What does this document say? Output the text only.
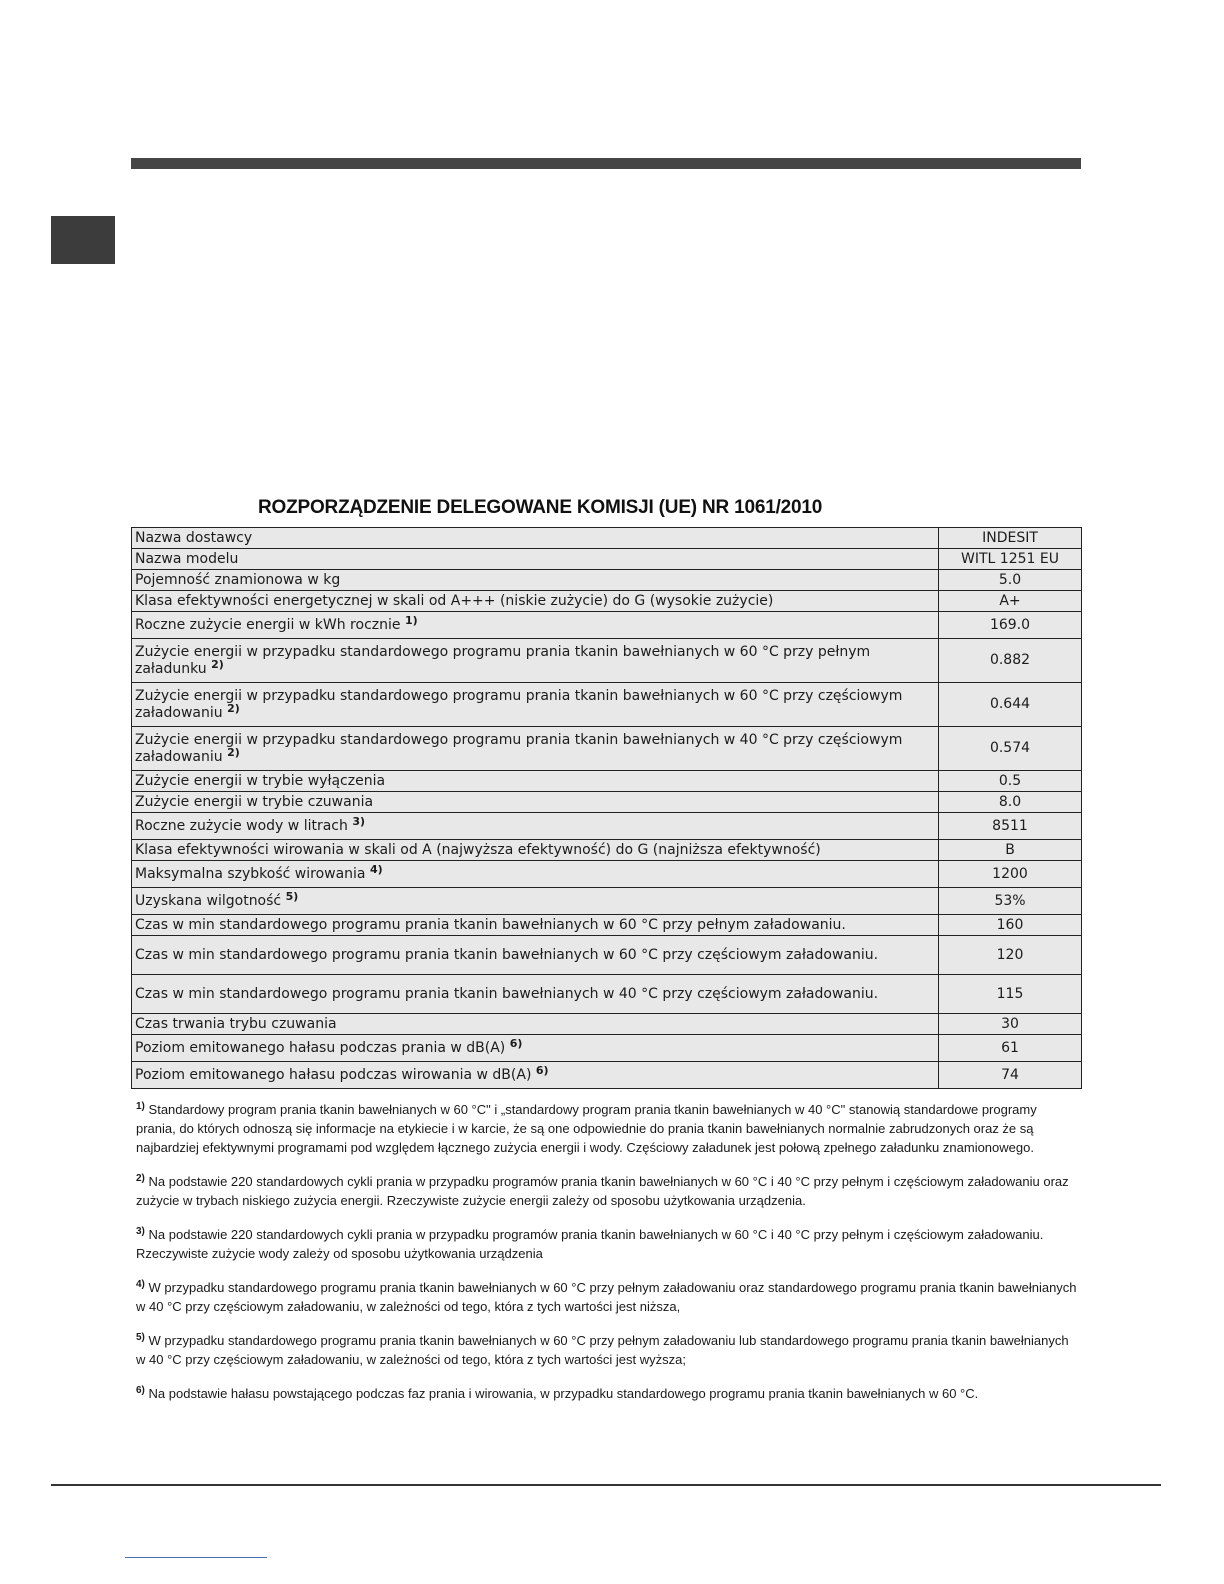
ROZPORZĄDZENIE DELEGOWANE KOMISJI (UE) NR 1061/2010
Nazwa dostawcy	INDESIT
Nazwa modelu	WITL 1251 EU
Pojemność znamionowa w kg	5.0
Klasa efektywności energetycznej w skali od A+++ (niskie zużycie) do G (wysokie zużycie)	A+
Roczne zużycie energii w kWh rocznie $^{1)}$	169.0
Zużycie energii w przypadku standardowego programu prania tkanin bawełnianych w 60 °C przy pełnym załadunku $^{2)}$	0.882
Zużycie energii w przypadku standardowego programu prania tkanin bawełnianych w 60 °C przy częściowym załadowaniu $^{2)}$	0.644
Zużycie energii w przypadku standardowego programu prania tkanin bawełnianych w 40 °C przy częściowym załadowaniu $^{2)}$	0.574
Zużycie energii w trybie wyłączenia	0.5
Zużycie energii w trybie czuwania	8.0
Roczne zużycie wody w litrach $^{3)}$	8511
Klasa efektywności wirowania w skali od A (najwyższa efektywność) do G (najniższa efektywność)	B
Maksymalna szybkość wirowania $^{4)}$	1200
Uzyskana wilgotność $^{5)}$	53%
Czas w min standardowego programu prania tkanin bawełnianych w 60 °C przy pełnym załadowaniu.	160
Czas w min standardowego programu prania tkanin bawełnianych w 60 °C przy częściowym załadowaniu.	120
Czas w min standardowego programu prania tkanin bawełnianych w 40 °C przy częściowym załadowaniu.	115
Czas trwania trybu czuwania	30
Poziom emitowanego hałasu podczas prania w dB(A) $^{6)}$	61
Poziom emitowanego hałasu podczas wirowania w dB(A) $^{6)}$	74
$^{1)}$ Standardowy program prania tkanin bawełnianych w 60 °C" i „standardowy program prania tkanin bawełnianych w 40 °C" stanowią standardowe programy prania, do których odnoszą się informacje na etykiecie i w karcie, że są one odpowiednie do prania tkanin bawełnianych normalnie zabrudzonych oraz że są najbardziej efektywnymi programami pod względem łącznego zużycia energii i wody. Częściowy załadunek jest połową zpełnego załadunku znamionowego.
$^{2)}$ Na podstawie 220 standardowych cykli prania w przypadku programów prania tkanin bawełnianych w 60 °C i 40 °C przy pełnym i częściowym załadowaniu oraz zużycie w trybach niskiego zużycia energii. Rzeczywiste zużycie energii zależy od sposobu użytkowania urządzenia.
$^{3)}$ Na podstawie 220 standardowych cykli prania w przypadku programów prania tkanin bawełnianych w 60 °C i 40 °C przy pełnym i częściowym załadowaniu. Rzeczywiste zużycie wody zależy od sposobu użytkowania urządzenia
$^{4)}$ W przypadku standardowego programu prania tkanin bawełnianych w 60 °C przy pełnym załadowaniu oraz standardowego programu prania tkanin bawełnianych w 40 °C przy częściowym załadowaniu, w zależności od tego, która z tych wartości jest niższa,
$^{5)}$ W przypadku standardowego programu prania tkanin bawełnianych w 60 °C przy pełnym załadowaniu lub standardowego programu prania tkanin bawełnianych w 40 °C przy częściowym załadowaniu, w zależności od tego, która z tych wartości jest wyższa;
$^{6)}$ Na podstawie hałasu powstającego podczas faz prania i wirowania, w przypadku standardowego programu prania tkanin bawełnianych w 60 °C.
